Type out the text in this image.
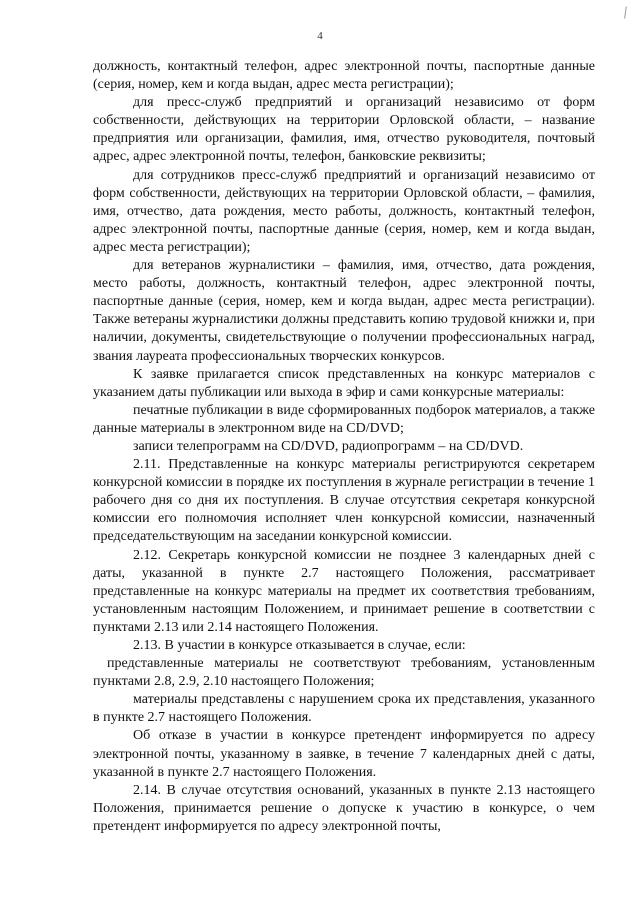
4

должность, контактный телефон, адрес электронной почты, паспортные данные (серия, номер, кем и когда выдан, адрес места регистрации);

для пресс-служб предприятий и организаций независимо от форм собственности, действующих на территории Орловской области, – название предприятия или организации, фамилия, имя, отчество руководителя, почтовый адрес, адрес электронной почты, телефон, банковские реквизиты;

для сотрудников пресс-служб предприятий и организаций независимо от форм собственности, действующих на территории Орловской области, – фамилия, имя, отчество, дата рождения, место работы, должность, контактный телефон, адрес электронной почты, паспортные данные (серия, номер, кем и когда выдан, адрес места регистрации);

для ветеранов журналистики – фамилия, имя, отчество, дата рождения, место работы, должность, контактный телефон, адрес электронной почты, паспортные данные (серия, номер, кем и когда выдан, адрес места регистрации). Также ветераны журналистики должны представить копию трудовой книжки и, при наличии, документы, свидетельствующие о получении профессиональных наград, звания лауреата профессиональных творческих конкурсов.

К заявке прилагается список представленных на конкурс материалов с указанием даты публикации или выхода в эфир и сами конкурсные материалы:

печатные публикации в виде сформированных подборок материалов, а также данные материалы в электронном виде на CD/DVD;

записи телепрограмм на CD/DVD, радиопрограмм – на CD/DVD.

2.11. Представленные на конкурс материалы регистрируются секретарем конкурсной комиссии в порядке их поступления в журнале регистрации в течение 1 рабочего дня со дня их поступления. В случае отсутствия секретаря конкурсной комиссии его полномочия исполняет член конкурсной комиссии, назначенный председательствующим на заседании конкурсной комиссии.

2.12. Секретарь конкурсной комиссии не позднее 3 календарных дней с даты, указанной в пункте 2.7 настоящего Положения, рассматривает представленные на конкурс материалы на предмет их соответствия требованиям, установленным настоящим Положением, и принимает решение в соответствии с пунктами 2.13 или 2.14 настоящего Положения.

2.13. В участии в конкурсе отказывается в случае, если:

представленные материалы не соответствуют требованиям, установленным пунктами 2.8, 2.9, 2.10 настоящего Положения;

материалы представлены с нарушением срока их представления, указанного в пункте 2.7 настоящего Положения.

Об отказе в участии в конкурсе претендент информируется по адресу электронной почты, указанному в заявке, в течение 7 календарных дней с даты, указанной в пункте 2.7 настоящего Положения.

2.14. В случае отсутствия оснований, указанных в пункте 2.13 настоящего Положения, принимается решение о допуске к участию в конкурсе, о чем претендент информируется по адресу электронной почты,
